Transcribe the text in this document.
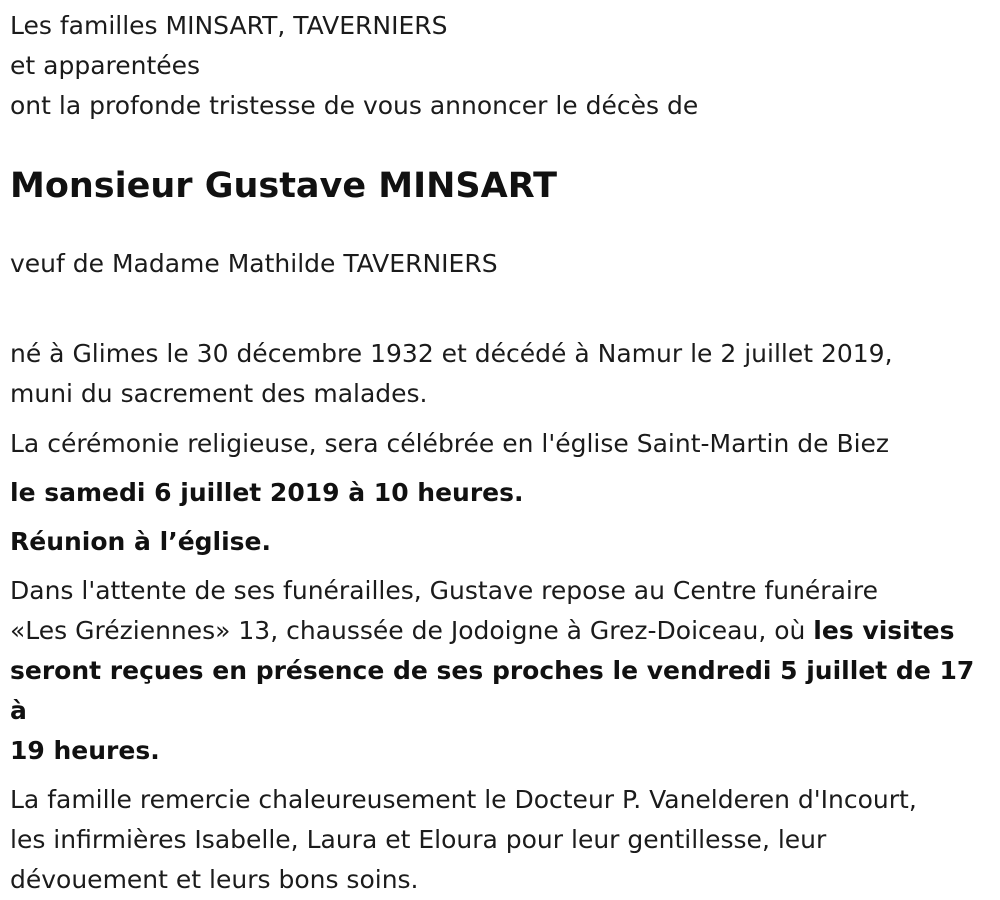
Les familles MINSART, TAVERNIERS

et apparentées

ont la profonde tristesse de vous annoncer le décès de

Monsieur Gustave MINSART

veuf de Madame Mathilde TAVERNIERS

né à Glimes le 30 décembre 1932 et décédé à Namur le 2 juillet 2019,
muni du sacrement des malades.

La cérémonie religieuse, sera célébrée en l'église Saint-Martin de Biez

le samedi 6 juillet 2019 à 10 heures.

Réunion à l’église.

Dans l'attente de ses funérailles, Gustave repose au Centre funéraire
«Les Gréziennes» 13, chaussée de Jodoigne à Grez-Doiceau, où les visites
seront reçues en présence de ses proches le vendredi 5 juillet de 17 à
19 heures.

La famille remercie chaleureusement le Docteur P. Vanelderen d'Incourt,
les infirmières Isabelle, Laura et Eloura pour leur gentillesse, leur
dévouement et leurs bons soins.
